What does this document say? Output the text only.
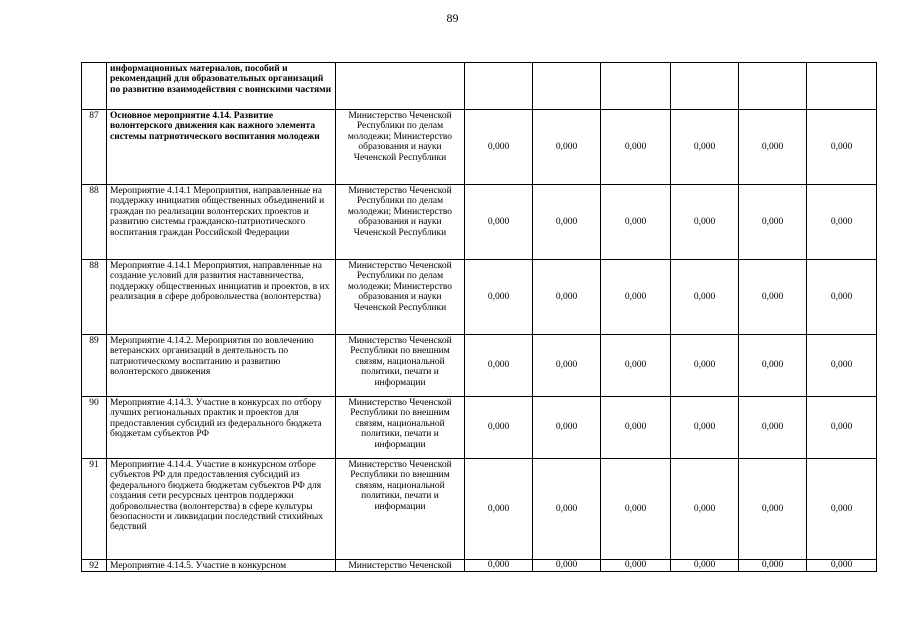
89
	информационных материалов, пособий и рекомендаций для образовательных организаций по развитию взаимодействия с воинскими частями							
87	Основное мероприятие 4.14. Развитие волонтерского движения как важного элемента системы патриотического воспитания молодежи	Министерство Чеченской Республики по делам молодежи; Министерство образования и науки Чеченской Республики	0,000	0,000	0,000	0,000	0,000	0,000
88	Мероприятие 4.14.1 Мероприятия, направленные на поддержку инициатив общественных объединений и граждан по реализации волонтерских проектов и развитию системы гражданско-патриотического воспитания граждан Российской Федерации	Министерство Чеченской Республики по делам молодежи; Министерство образования и науки Чеченской Республики	0,000	0,000	0,000	0,000	0,000	0,000
88	Мероприятие 4.14.1 Мероприятия, направленные на создание условий для развития наставничества, поддержку общественных инициатив и проектов, в их реализация в сфере добровольчества (волонтерства)	Министерство Чеченской Республики по делам молодежи; Министерство образования и науки Чеченской Республики	0,000	0,000	0,000	0,000	0,000	0,000
89	Мероприятие 4.14.2. Мероприятия по вовлечению ветеранских организаций в деятельность по патриотическому воспитанию и развитию волонтерского движения	Министерство Чеченской Республики по внешним связям, национальной политики, печати и информации	0,000	0,000	0,000	0,000	0,000	0,000
90	Мероприятие 4.14.3. Участие в конкурсах по отбору лучших региональных практик и проектов для предоставления субсидий из федерального бюджета бюджетам субъектов РФ	Министерство Чеченской Республики по внешним связям, национальной политики, печати и информации	0,000	0,000	0,000	0,000	0,000	0,000
91	Мероприятие 4.14.4. Участие в конкурсном отборе субъектов РФ для предоставления субсидий из федерального бюджета бюджетам субъектов РФ для создания сети ресурсных центров поддержки добровольчества (волонтерства) в сфере культуры безопасности и ликвидации последствий стихийных бедствий	Министерство Чеченской Республики по внешним связям, национальной политики, печати и информации	0,000	0,000	0,000	0,000	0,000	0,000
92	Мероприятие 4.14.5. Участие в конкурсном	Министерство Чеченской	0,000	0,000	0,000	0,000	0,000	0,000
